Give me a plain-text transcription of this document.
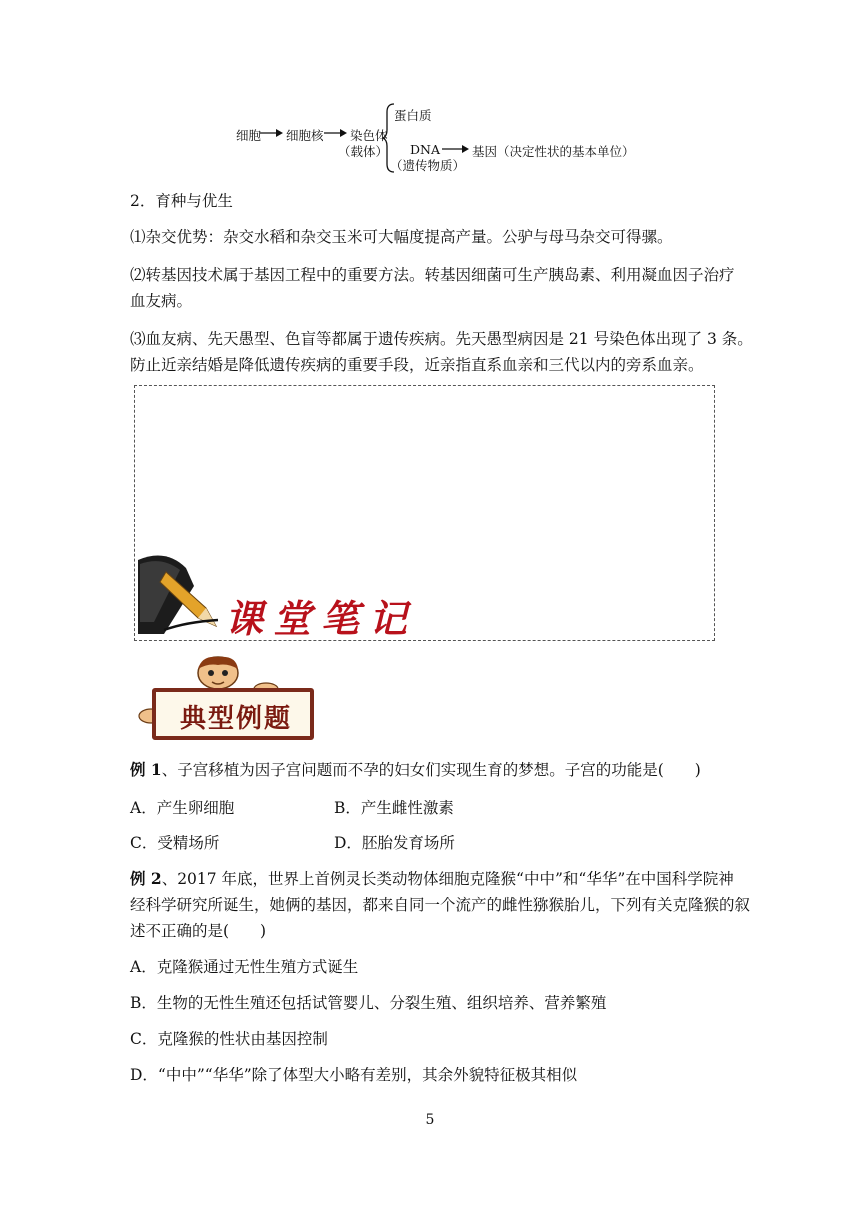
细胞 细胞核 染色体
（载体）
蛋白质
DNA
（遗传物质）
基因（决定性状的基本单位）
2．育种与优生
⑴杂交优势：杂交水稻和杂交玉米可大幅度提高产量。公驴与母马杂交可得骡。
⑵转基因技术属于基因工程中的重要方法。转基因细菌可生产胰岛素、利用凝血因子治疗
血友病。
⑶血友病、先天愚型、色盲等都属于遗传疾病。先天愚型病因是 21 号染色体出现了 3 条。
防止近亲结婚是降低遗传疾病的重要手段，近亲指直系血亲和三代以内的旁系血亲。
课堂笔记
典型例题
例 1、子宫移植为因子宫问题而不孕的妇女们实现生育的梦想。子宫的功能是(　　)
A．产生卵细胞	B．产生雌性激素
C．受精场所	D．胚胎发育场所
例 2、2017 年底，世界上首例灵长类动物体细胞克隆猴“中中”和“华华”在中国科学院神
经科学研究所诞生，她俩的基因，都来自同一个流产的雌性猕猴胎儿，下列有关克隆猴的叙
述不正确的是(　　)
A．克隆猴通过无性生殖方式诞生
B．生物的无性生殖还包括试管婴儿、分裂生殖、组织培养、营养繁殖
C．克隆猴的性状由基因控制
D．“中中”“华华”除了体型大小略有差别，其余外貌特征极其相似
5
